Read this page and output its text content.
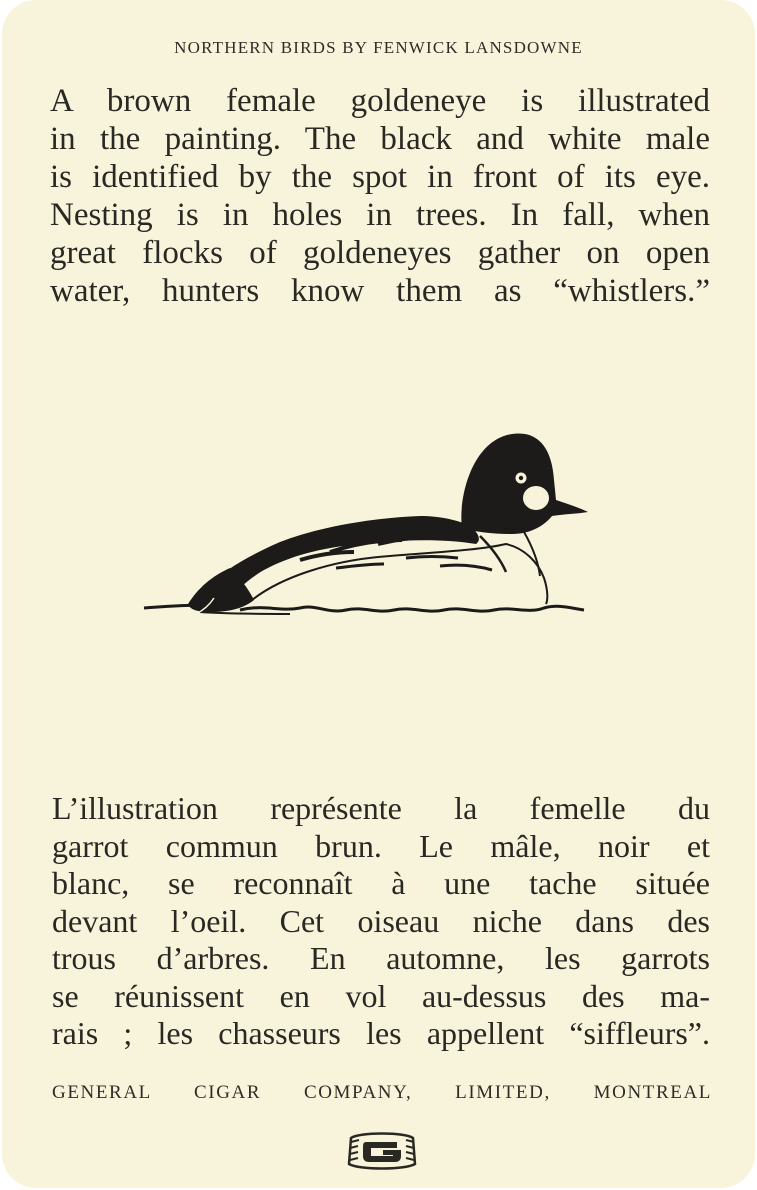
NORTHERN BIRDS BY FENWICK LANSDOWNE
A brown female goldeneye is illustrated
in the painting. The black and white male
is identified by the spot in front of its eye.
Nesting is in holes in trees. In fall, when
great flocks of goldeneyes gather on open
water, hunters know them as “whistlers.”
L’illustration représente la femelle du
garrot commun brun. Le mâle, noir et
blanc, se reconnaît à une tache située
devant l’oeil. Cet oiseau niche dans des
trous d’arbres. En automne, les garrots
se réunissent en vol au-dessus des ma-
rais ; les chasseurs les appellent “siffleurs”.
GENERAL CIGAR COMPANY, LIMITED, MONTREAL
